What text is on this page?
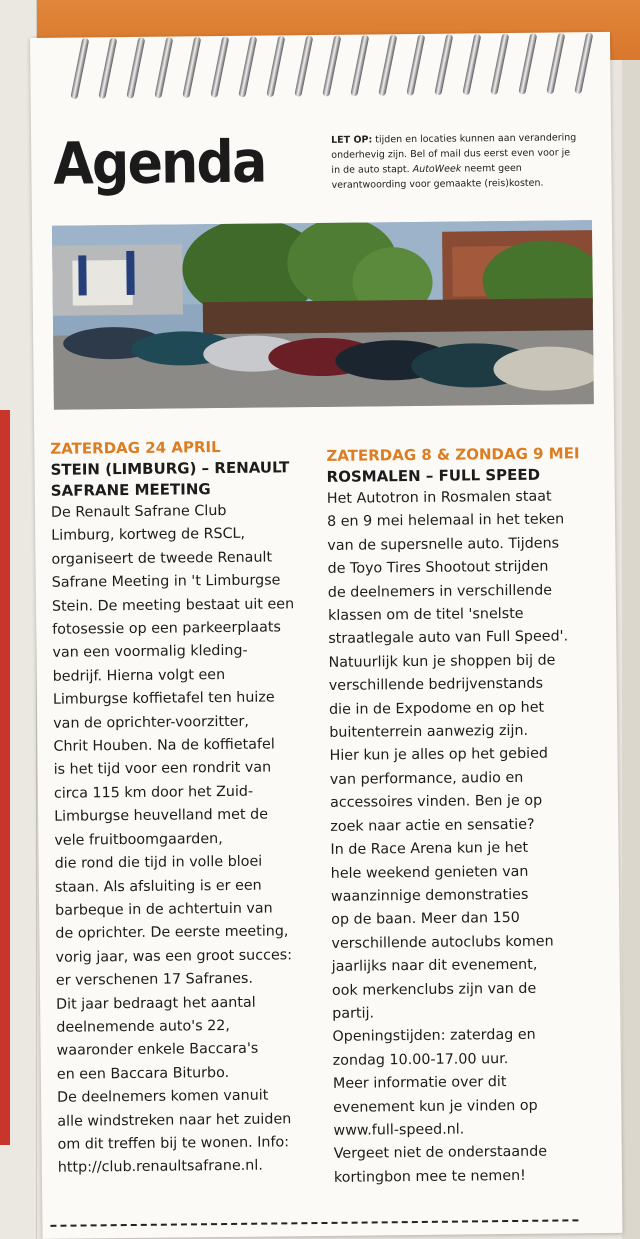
Agenda	LET OP: tijden en locaties kunnen aan verandering onderhevig zijn. Bel of mail dus eerst even voor je in de auto stapt. AutoWeek neemt geen verantwoording voor gemaakte (reis)kosten.
ZATERDAG 24 APRIL
STEIN (LIMBURG) – RENAULT SAFRANE MEETING
De Renault Safrane Club
Limburg, kortweg de RSCL,
organiseert de tweede Renault
Safrane Meeting in 't Limburgse
Stein. De meeting bestaat uit een
fotosessie op een parkeerplaats
van een voormalig kleding-
bedrijf. Hierna volgt een
Limburgse koffietafel ten huize
van de oprichter-voorzitter,
Chrit Houben. Na de koffietafel
is het tijd voor een rondrit van
circa 115 km door het Zuid-
Limburgse heuvelland met de
vele fruitboomgaarden,
die rond die tijd in volle bloei
staan. Als afsluiting is er een
barbeque in de achtertuin van
de oprichter. De eerste meeting,
vorig jaar, was een groot succes:
er verschenen 17 Safranes.
Dit jaar bedraagt het aantal
deelnemende auto's 22,
waaronder enkele Baccara's
en een Baccara Biturbo.
De deelnemers komen vanuit
alle windstreken naar het zuiden
om dit treffen bij te wonen. Info:
http://club.renaultsafrane.nl.
ZATERDAG 8 & ZONDAG 9 MEI
ROSMALEN – FULL SPEED
Het Autotron in Rosmalen staat
8 en 9 mei helemaal in het teken
van de supersnelle auto. Tijdens
de Toyo Tires Shootout strijden
de deelnemers in verschillende
klassen om de titel 'snelste
straatlegale auto van Full Speed'.
Natuurlijk kun je shoppen bij de
verschillende bedrijvenstands
die in de Expodome en op het
buitenterrein aanwezig zijn.
Hier kun je alles op het gebied
van performance, audio en
accessoires vinden. Ben je op
zoek naar actie en sensatie?
In de Race Arena kun je het
hele weekend genieten van
waanzinnige demonstraties
op de baan. Meer dan 150
verschillende autoclubs komen
jaarlijks naar dit evenement,
ook merkenclubs zijn van de
partij.
Openingstijden: zaterdag en
zondag 10.00-17.00 uur.
Meer informatie over dit
evenement kun je vinden op
www.full-speed.nl.
Vergeet niet de onderstaande
kortingbon mee te nemen!
